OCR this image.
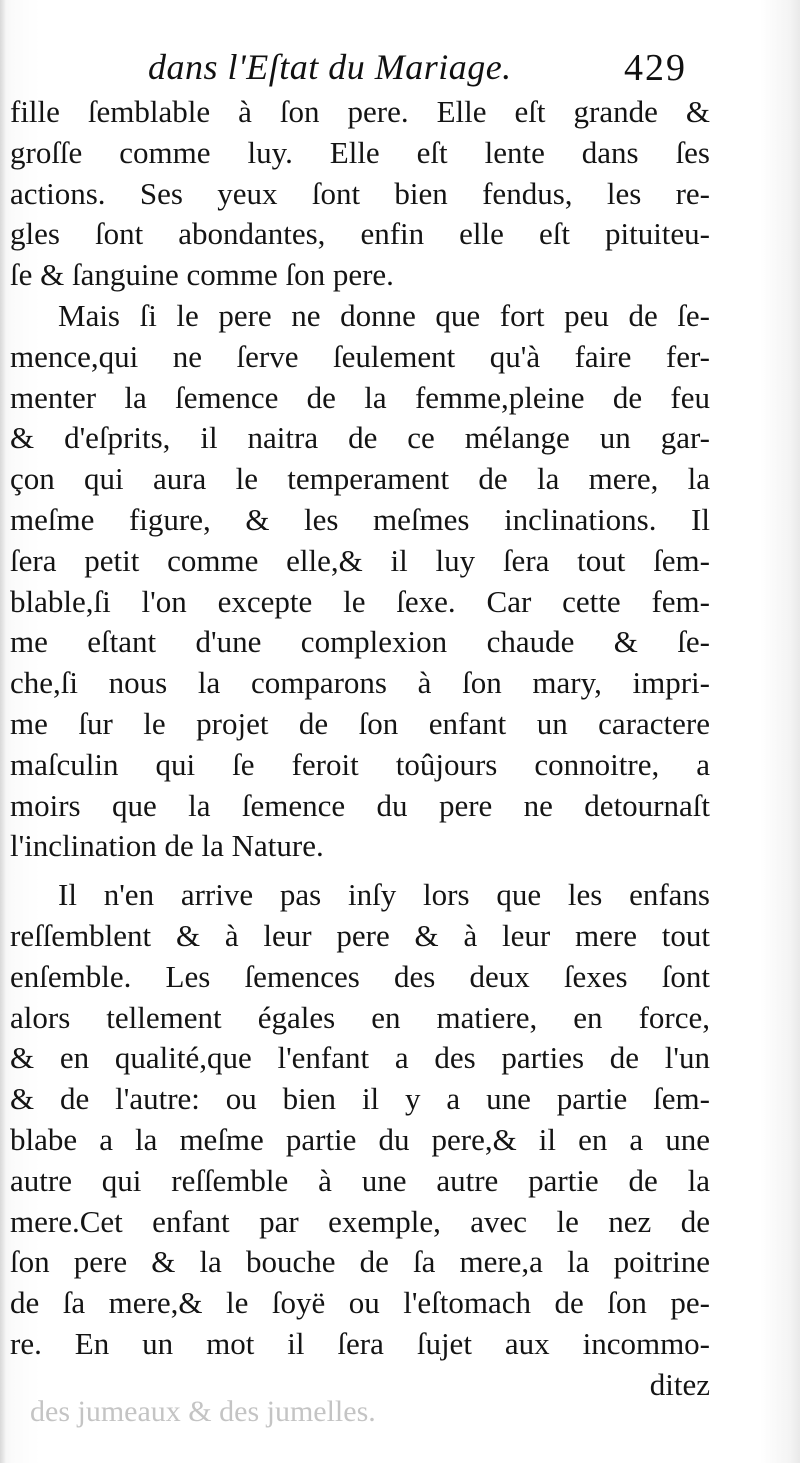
dans l'Eſtat du Mariage.	429
fille ſemblable à ſon pere. Elle eſt grande &
groſſe comme luy. Elle eſt lente dans ſes
actions. Ses yeux ſont bien fendus, les re-
gles ſont abondantes, enfin elle eſt pituiteu-
ſe & ſanguine comme ſon pere.
Mais ſi le pere ne donne que fort peu de ſe-
mence,qui ne ſerve ſeulement qu'à faire fer-
menter la ſemence de la femme,pleine de feu
& d'eſprits, il naitra de ce mélange un gar-
çon qui aura le temperament de la mere, la
meſme figure, & les meſmes inclinations. Il
ſera petit comme elle,& il luy ſera tout ſem-
blable,ſi l'on excepte le ſexe. Car cette fem-
me eſtant d'une complexion chaude & ſe-
che,ſi nous la comparons à ſon mary, impri-
me ſur le projet de ſon enfant un caractere
maſculin qui ſe feroit toûjours connoitre, a
moirs que la ſemence du pere ne detournaſt
l'inclination de la Nature.
Il n'en arrive pas inſy lors que les enfans
reſſemblent & à leur pere & à leur mere tout
enſemble. Les ſemences des deux ſexes ſont
alors tellement égales en matiere, en force,
& en qualité,que l'enfant a des parties de l'un
& de l'autre: ou bien il y a une partie ſem-
blabe a la meſme partie du pere,& il en a une
autre qui reſſemble à une autre partie de la
mere.Cet enfant par exemple, avec le nez de
ſon pere & la bouche de ſa mere,a la poitrine
de ſa mere,& le ſoyë ou l'eſtomach de ſon pe-
re. En un mot il ſera ſujet aux incommo-
ditez
des jumeaux & des jumelles.
